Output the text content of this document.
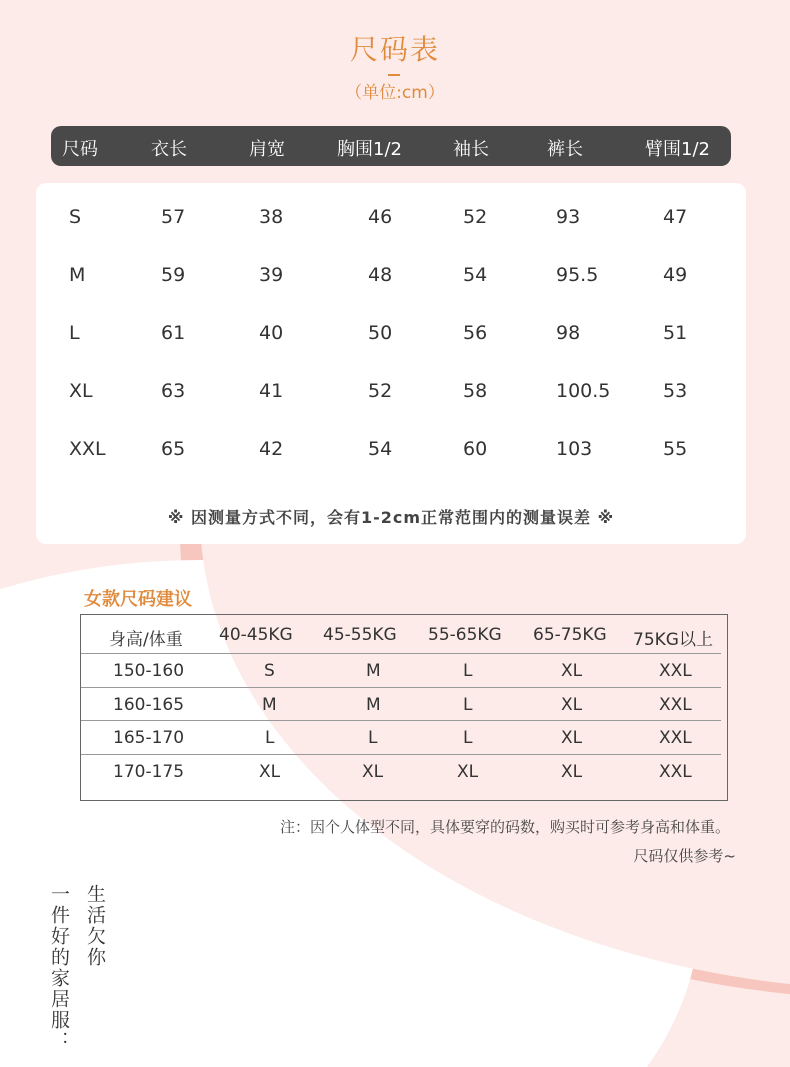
尺码表
（单位:cm）
尺码	衣长	肩宽	胸围1/2	袖长	裤长	臂围1/2
S	57	38	46	52	93	47
M	59	39	48	54	95.5	49
L	61	40	50	56	98	51
XL	63	41	52	58	100.5	53
XXL	65	42	54	60	103	55
※ 因测量方式不同，会有1-2cm正常范围内的测量误差 ※
女款尺码建议
身高/体重 40-45KG 45-55KG 55-65KG 65-75KG 75KG以上
150-160	S	M	L	XL	XXL
160-165	M	M	L	XL	XXL
165-170	L	L	L	XL	XXL
170-175	XL	XL	XL	XL	XXL
注：因个人体型不同，具体要穿的码数，购买时可参考身高和体重。
尺码仅供参考~
生活欠你
一件好的家居服：
